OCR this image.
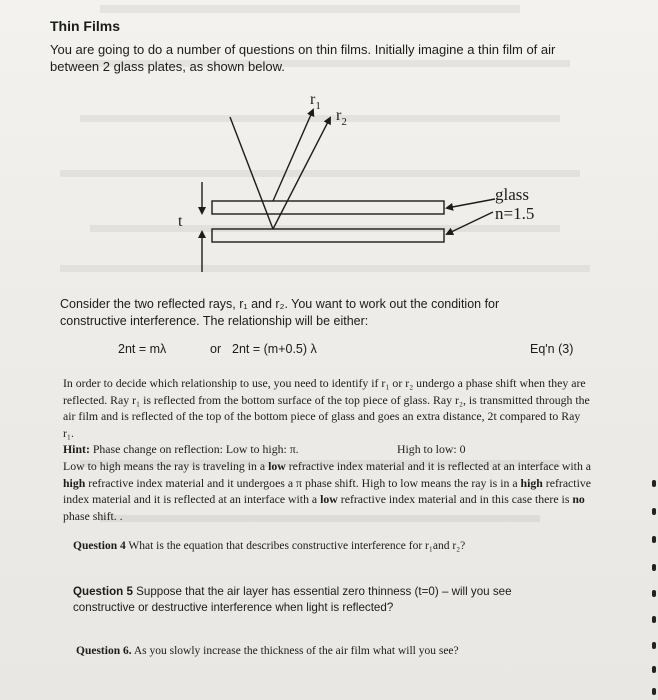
Thin Films
You are going to do a number of questions on thin films. Initially imagine a thin film of air between 2 glass plates, as shown below.
$r_1$
$r_2$
t
glass
n=1.5
Consider the two reflected rays, r₁ and r₂. You want to work out the condition for constructive interference. The relationship will be either:
2nt = mλ	or 2nt = (m+0.5) λ	Eq'n (3)

In order to decide which relationship to use, you need to identify if r₁ or r₂ undergo a phase shift when they are reflected. Ray r₁ is reflected from the bottom surface of the top piece of glass. Ray r₂, is transmitted through the air film and is reflected of the top of the bottom piece of glass and goes an extra distance, 2t compared to Ray r₁.

Hint: Phase change on reflection: Low to high: π.	High to low: 0

Low to high means the ray is traveling in a low refractive index material and it is reflected at an interface with a high refractive index material and it undergoes a π phase shift. High to low means the ray is in a high refractive index material and it is reflected at an interface with a low refractive index material and in this case there is no phase shift. .

Question 4 What is the equation that describes constructive interference for r₁and r₂?
Question 5 Suppose that the air layer has essential zero thinness (t=0) – will you see constructive or destructive interference when light is reflected?
Question 6. As you slowly increase the thickness of the air film what will you see?
